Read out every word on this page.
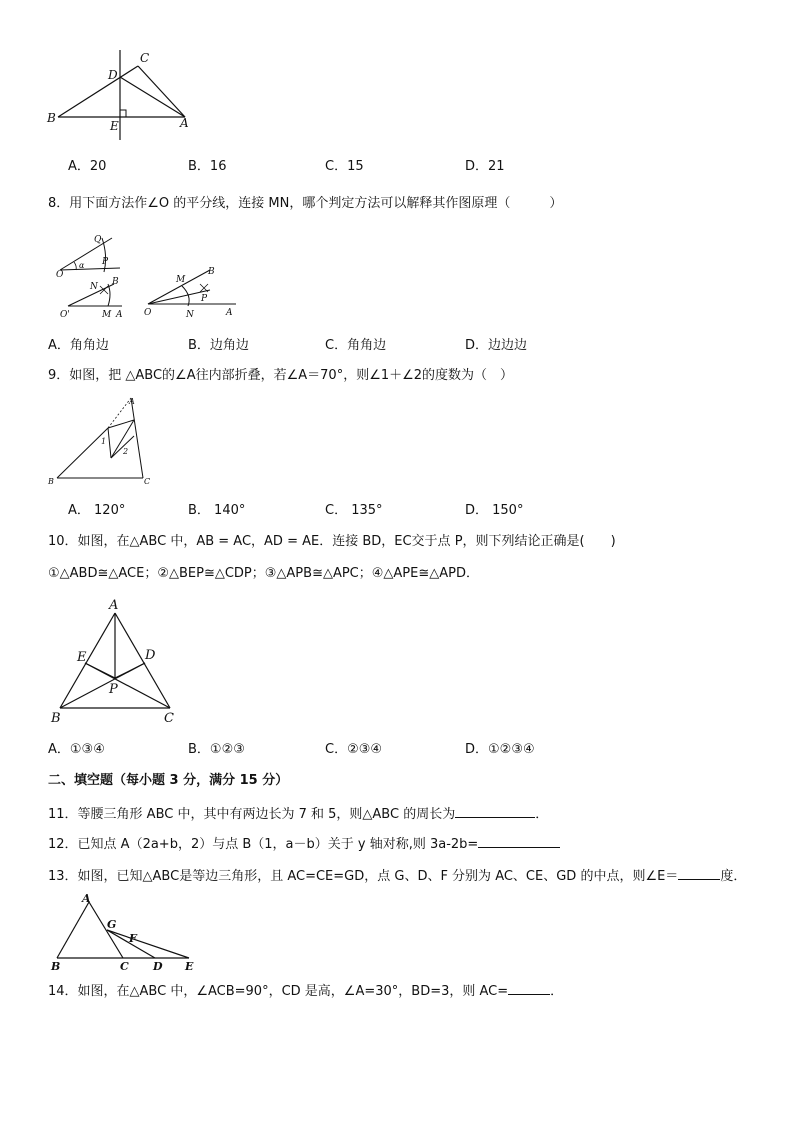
C
D
B
E	A
A．20	B．16	C．15	D．21
8．用下面方法作∠O 的平分线，连接 MN，哪个判定方法可以解释其作图原理（　　　）
Q
O
α P
N B
O'	M A
M
B
P
O	N	A
A．角角边	B．边角边	C．角角边	D．边边边
9．如图，把 △ABC的∠A往内部折叠，若∠A＝70°，则∠1＋∠2的度数为（　）
A
1
2
B	C
A． 120°	B． 140°	C． 135°	D． 150°
10．如图，在△ABC 中，AB = AC，AD = AE．连接 BD，EC交于点 P，则下列结论正确是(　　)
①△ABD≅△ACE；②△BEP≅△CDP；③△APB≅△APC；④△APE≅△APD．
A
E	D
P
B	C
A．①③④	B．①②③	C．②③④	D．①②③④
二、填空题（每小题 3 分，满分 15 分）
11．等腰三角形 ABC 中，其中有两边长为 7 和 5，则△ABC 的周长为	．
12．已知点 A（2a+b，2）与点 B（1，a－b）关于 y 轴对称,则 3a-2b=
13．如图，已知△ABC是等边三角形，且 AC=CE=GD，点 G、D、F 分别为 AC、CE、GD 的中点，则∠E＝	度．
A
G
F
B	C D E
14．如图，在△ABC 中，∠ACB=90°，CD 是高，∠A=30°，BD=3，则 AC=	．
